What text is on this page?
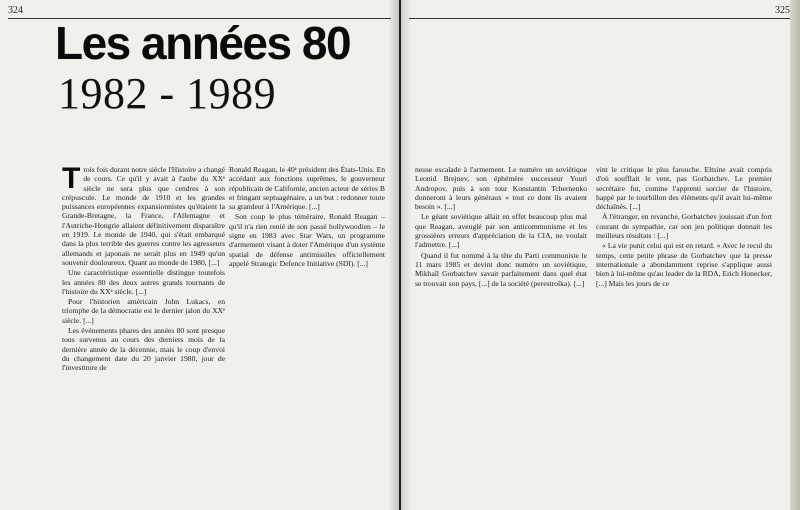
324
Les années 80
1982 - 1989

Trois fois durant notre siècle l'Histoire a changé de cours. Ce qu'il y avait à l'aube du XXᵉ siècle ne sera plus que cendres à son crépuscule. Le monde de 1910 et les grandes puissances européennes expansionnistes qu'étaient la Grande-Bretagne, la France, l'Allemagne et l'Autriche-Hongrie allaient définitivement disparaître en 1919. Le monde de 1940, qui s'était embarqué dans la plus terrible des guerres contre les agresseurs allemands et japonais ne serait plus en 1949 qu'un souvenir douloureux. Quant au monde de 1980, [...]

Une caractéristique essentielle distingue toutefois les années 80 des deux autres grands tournants de l'histoire du XXᵉ siècle. [...]

Pour l'historien américain John Lukacs, en triomphe de la démocratie est le dernier jalon du XXᵉ siècle. [...]

Les événements phares des années 80 sont presque tous survenus au cours des derniers mois de la dernière année de la décennie, mais le coup d'envoi du changement date du 20 janvier 1980, jour de l'investiture de

Ronald Reagan, le 40ᵉ président des États-Unis. En accédant aux fonctions suprêmes, le gouverneur républicain de Californie, ancien acteur de séries B et fringant septuagénaire, a un but : redonner toute sa grandeur à l'Amérique. [...]

Son coup le plus téméraire, Ronald Reagan – qu'il n'a rien renié de son passé hollywoodien – le signe en 1983 avec Star Wars, un programme d'armement visant à doter l'Amérique d'un système spatial de défense antimissiles officiellement appelé Strategic Defence Initiative (SDI). [...]

325

neuse escalade à l'armement. Le numéro un soviétique Leonid Brejnev, son éphémère successeur Youri Andropov, puis à son tour Konstantin Tchernenko donneront à leurs généraux « tout ce dont ils avaient besoin ». [...]

Le géant soviétique allait en effet beaucoup plus mal que Reagan, aveuglé par son anticommunisme et les grossières erreurs d'appréciation de la CIA, ne voulait l'admettre. [...]

Quand il fut nommé à la tête du Parti communiste le 11 mars 1985 et devint donc numéro un soviétique, Mikhaïl Gorbatchev savait parfaitement dans quel état se trouvait son pays, [...] de la société (perestroïka). [...]

vint le critique le plus farouche. Eltsine avait compris d'où soufflait le vent, pas Gorbatchev. Le premier secrétaire fut, comme l'apprenti sorcier de l'histoire, happé par le tourbillon des éléments qu'il avait lui-même déchaînés. [...]

À l'étranger, en revanche, Gorbatchev jouissait d'un fort courant de sympathie, car son jeu politique donnait les meilleurs résultats : [...]

« La vie punit celui qui est en retard. » Avec le recul du temps, cette petite phrase de Gorbatchev que la presse internationale a abondamment reprise s'applique aussi bien à lui-même qu'au leader de la RDA, Erich Honecker, [...] Mais les jours de ce
